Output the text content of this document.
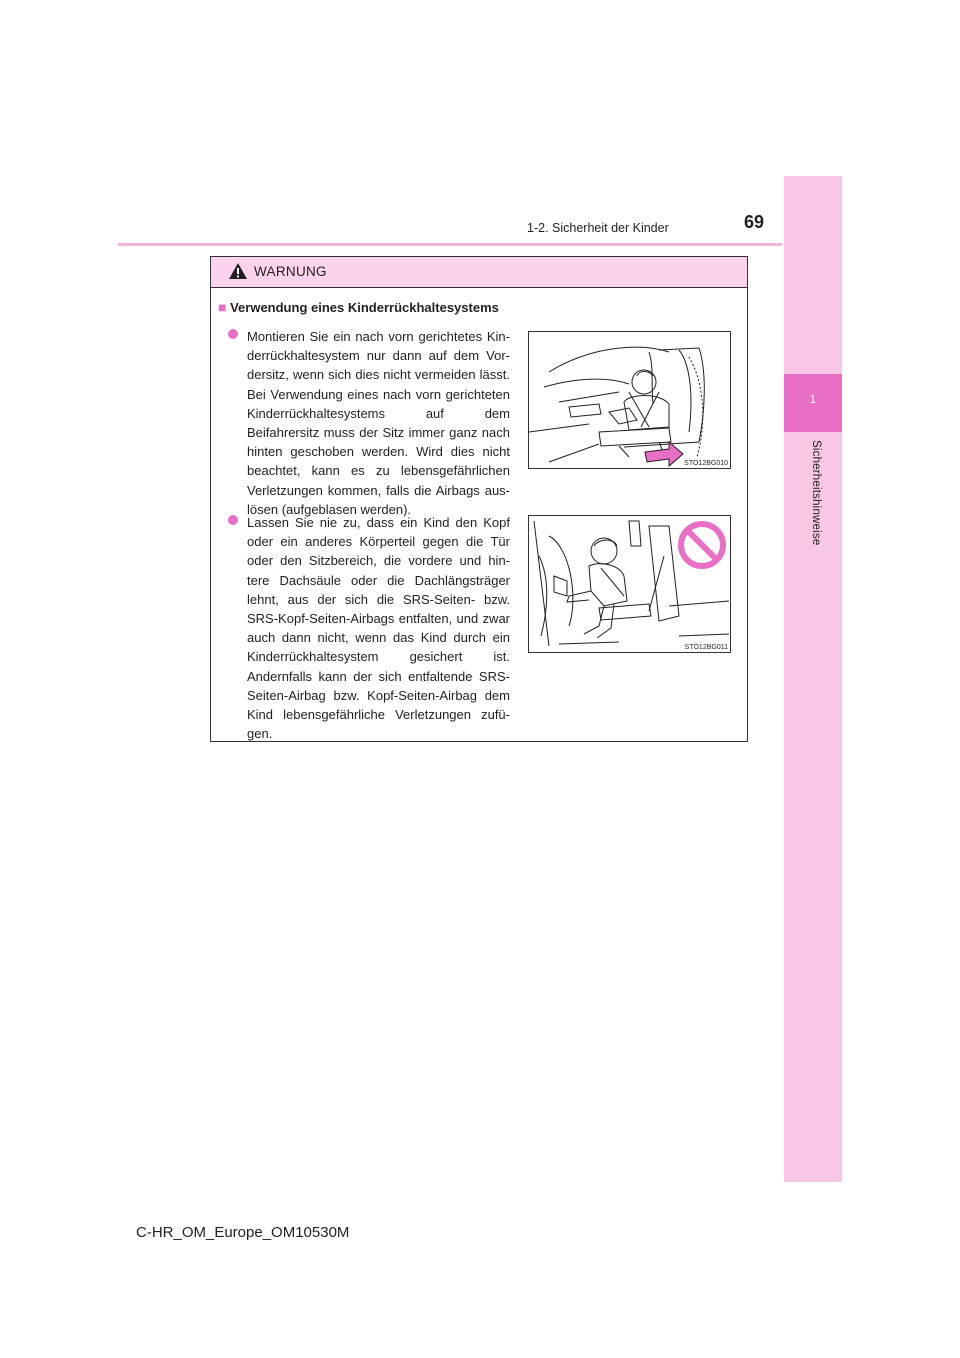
1-2. Sicherheit der Kinder	69
1
Sicherheitshinweise
WARNUNG
■ Verwendung eines Kinderrückhaltesystems
Montieren Sie ein nach vorn gerichtetes Kin-derrückhaltesystem nur dann auf dem Vor-dersitz, wenn sich dies nicht vermeiden lässt. Bei Verwendung eines nach vorn gerichteten Kinderrückhaltesystems auf dem Beifahrersitz muss der Sitz immer ganz nach hinten geschoben werden. Wird dies nicht beachtet, kann es zu lebensgefährlichen Verletzungen kommen, falls die Airbags aus-lösen (aufgeblasen werden).
STO12BG010
Lassen Sie nie zu, dass ein Kind den Kopf oder ein anderes Körperteil gegen die Tür oder den Sitzbereich, die vordere und hin-tere Dachsäule oder die Dachlängsträger lehnt, aus der sich die SRS-Seiten- bzw. SRS-Kopf-Seiten-Airbags entfalten, und zwar auch dann nicht, wenn das Kind durch ein Kinderrückhaltesystem gesichert ist. Andernfalls kann der sich entfaltende SRS-Seiten-Airbag bzw. Kopf-Seiten-Airbag dem Kind lebensgefährliche Verletzungen zufü-gen.
STO12BG011
C-HR_OM_Europe_OM10530M
